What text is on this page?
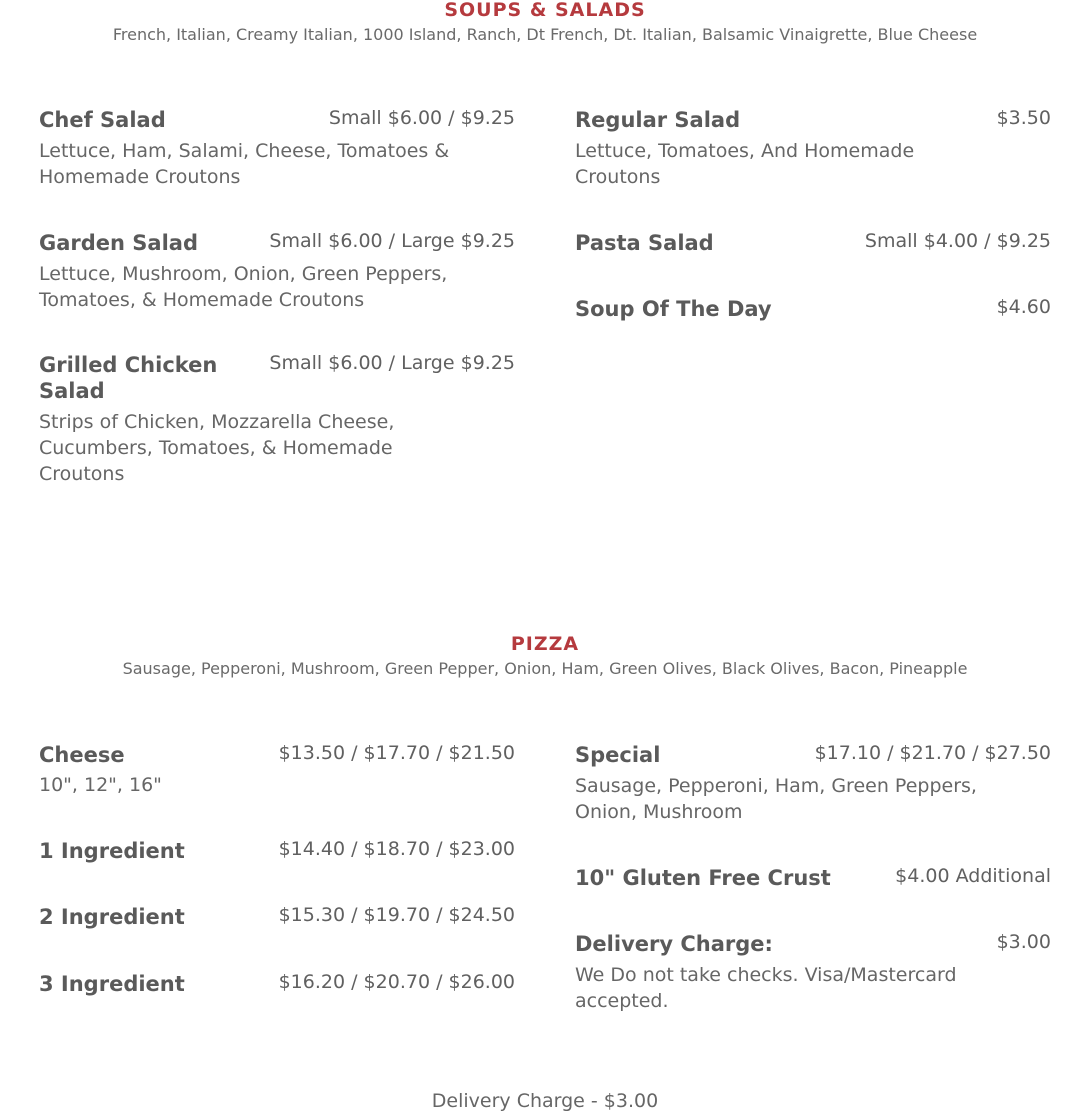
SOUPS & SALADS
French, Italian, Creamy Italian, 1000 Island, Ranch, Dt French, Dt. Italian, Balsamic Vinaigrette, Blue Cheese
Chef Salad	Small $6.00 / $9.25
Lettuce, Ham, Salami, Cheese, Tomatoes & Homemade Croutons
Garden Salad	Small $6.00 / Large $9.25
Lettuce, Mushroom, Onion, Green Peppers, Tomatoes, & Homemade Croutons
Grilled Chicken Salad
Small $6.00 / Large $9.25
Strips of Chicken, Mozzarella Cheese, Cucumbers, Tomatoes, & Homemade Croutons
Regular Salad	$3.50
Lettuce, Tomatoes, And Homemade Croutons
Pasta Salad	Small $4.00 / $9.25
Soup Of The Day	$4.60
PIZZA
Sausage, Pepperoni, Mushroom, Green Pepper, Onion, Ham, Green Olives, Black Olives, Bacon, Pineapple
Cheese	$13.50 / $17.70 / $21.50
10", 12", 16"
1 Ingredient	$14.40 / $18.70 / $23.00
2 Ingredient	$15.30 / $19.70 / $24.50
3 Ingredient	$16.20 / $20.70 / $26.00
Special	$17.10 / $21.70 / $27.50
Sausage, Pepperoni, Ham, Green Peppers, Onion, Mushroom
10" Gluten Free Crust	$4.00 Additional
Delivery Charge:	$3.00
We Do not take checks. Visa/Mastercard accepted.
Delivery Charge - $3.00
